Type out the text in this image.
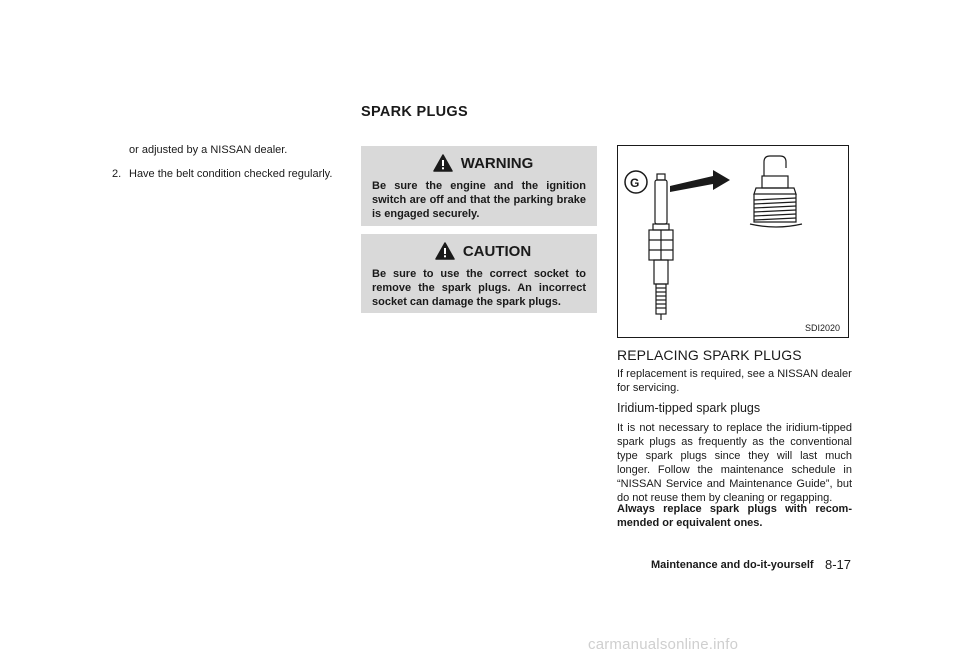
SPARK PLUGS
or adjusted by a NISSAN dealer.
2. Have the belt condition checked regularly.
WARNING
Be sure the engine and the ignition switch are off and that the parking brake is engaged securely.
CAUTION
Be sure to use the correct socket to remove the spark plugs. An incorrect socket can damage the spark plugs.
G
SDI2020
REPLACING SPARK PLUGS
If replacement is required, see a NISSAN dealer for servicing.
Iridium-tipped spark plugs
It is not necessary to replace the iridium-tipped spark plugs as frequently as the conventional type spark plugs since they will last much longer. Follow the maintenance schedule in “NISSAN Service and Maintenance Guide”, but do not reuse them by cleaning or regapping.
Always replace spark plugs with recom-mended or equivalent ones.
Maintenance and do-it-yourself 8-17
carmanualsonline.info
